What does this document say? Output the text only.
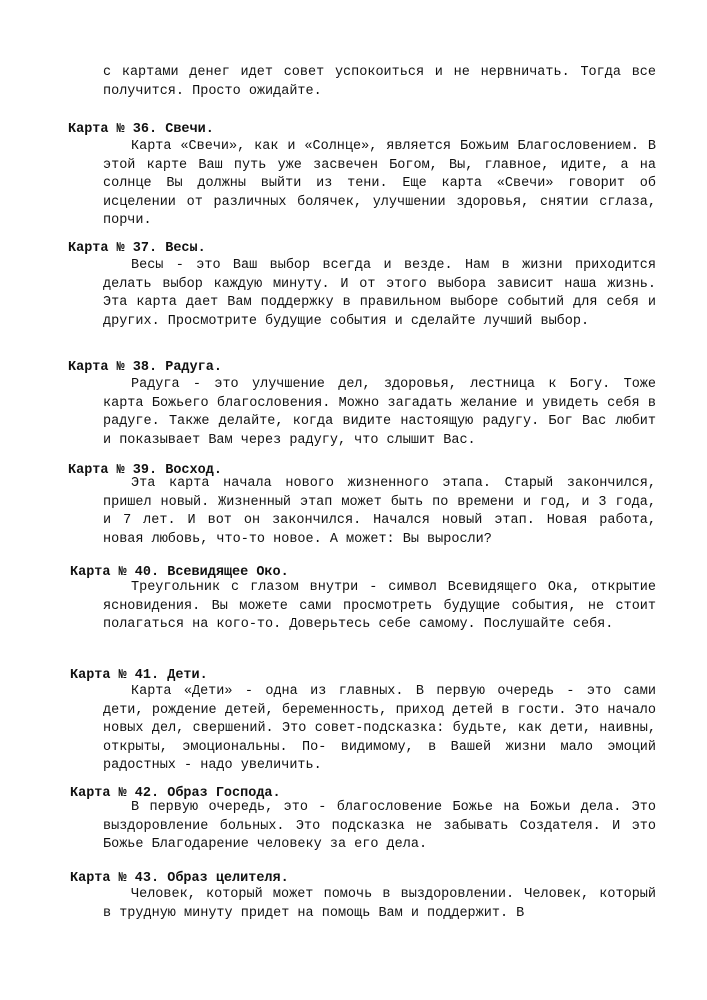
с картами денег идет совет успокоиться и не нервничать. Тогда все получится. Просто ожидайте.
Карта № 36. Свечи.
Карта «Свечи», как и «Солнце», является Божьим Благословением. В этой карте Ваш путь уже засвечен Богом, Вы, главное, идите, а на солнце Вы должны выйти из тени. Еще карта «Свечи» говорит об исцелении от различных болячек, улучшении здоровья, снятии сглаза, порчи.
Карта № 37. Весы.
Весы - это Ваш выбор всегда и везде. Нам в жизни приходится делать выбор каждую минуту. И от этого выбора зависит наша жизнь. Эта карта дает Вам поддержку в правильном выборе событий для себя и других. Просмотрите будущие события и сделайте лучший выбор.
Карта № 38. Радуга.
Радуга - это улучшение дел, здоровья, лестница к Богу. Тоже карта Божьего благословения. Можно загадать желание и увидеть себя в радуге. Также делайте, когда видите настоящую радугу. Бог Вас любит и показывает Вам через радугу, что слышит Вас.
Карта № 39. Восход.
Эта карта начала нового жизненного этапа. Старый закончился, пришел новый. Жизненный этап может быть по времени и год, и 3 года, и 7 лет. И вот он закончился. Начался новый этап. Новая работа, новая любовь, что-то новое. А может: Вы выросли?
Карта № 40. Всевидящее Око.
Треугольник с глазом внутри - символ Всевидящего Ока, открытие ясновидения. Вы можете сами просмотреть будущие события, не стоит полагаться на кого-то. Доверьтесь себе самому. Послушайте себя.
Карта № 41. Дети.
Карта «Дети» - одна из главных. В первую очередь - это сами дети, рождение детей, беременность, приход детей в гости. Это начало новых дел, свершений. Это совет-подсказка: будьте, как дети, наивны, открыты, эмоциональны. По- видимому, в Вашей жизни мало эмоций радостных - надо увеличить.
Карта № 42. Образ Господа.
В первую очередь, это - благословение Божье на Божьи дела. Это выздоровление больных. Это подсказка не забывать Создателя. И это Божье Благодарение человеку за его дела.
Карта № 43. Образ целителя.
Человек, который может помочь в выздоровлении. Человек, который в трудную минуту придет на помощь Вам и поддержит. В
